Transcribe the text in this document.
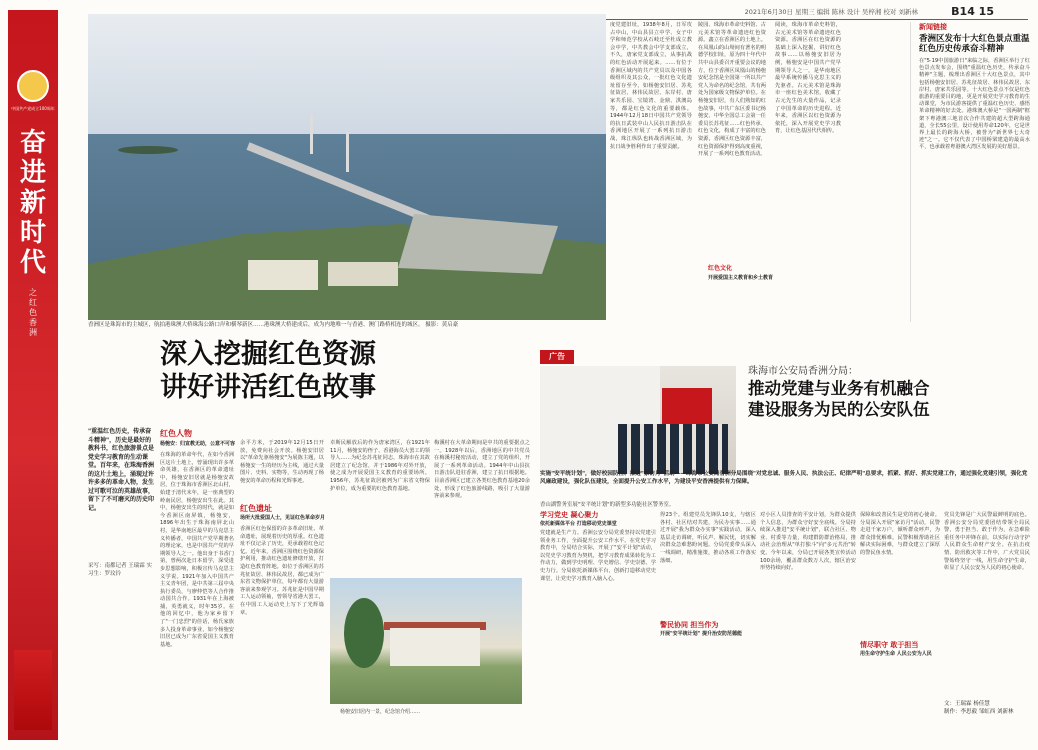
2021年6月30日 星期三 编辑 陈林 设计 吴梓湘 校对 刘新林	B14 15
中国共产党成立100周年
奋进新时代
之红色香洲
香洲区是珠海市的主城区，航拍港珠澳大桥珠海公路口岸和横琴新区……港珠澳大桥建成后，成为内地唯一与香港、澳门路桥相连的城区。 摄影：黄启豪
度党建旧址，1938年8月，日军攻占中山，中山县县立中学、女子中学和师范学校从石岐迁至杜成立教会中学，中共教会中学支部成立，不久，唐家党支部成立，从事抗战的红色活动开展起来。……有位于香洲区域内的共产党员以及中国各级组织及其公众，一批红色文化遗址留存至今，如杨匏安旧居、苏兆征故居、林伟民故居、东岸村、唐家共乐园、宝镜湾、金鼎、淇澳岛等，都是红色文化的重要载体。1944年12月18日中国共产党领导的抗日武装中山人民抗日游击队在香洲地区开展了一系列抗日游击战，珠江纵队也转战香洲区域，为抗日战争胜利作出了重要贡献。
陵园、珠海市革命史料馆、古元美术馆等革命遗迹红色资源。鑫立在香洲区的土地上。在凤凰山的山坳间有著名的明德学校旧址，原为四十年代中共中山县委召开重要会议的地方，位于香洲区凤凰山的杨匏安纪念馆是全国第一所以共产党人为命名的纪念馆，共有两处为国家级文物保护单位。在杨匏安旧居，有人们熟知的红色故事，中共广东区委书记杨匏安、中华全国总工会第一任委员长苏兆征……红色传承、红色文化，构成了丰富的红色资源，香洲区红色资源丰富，红色资源保护得到高度重视，开展了一系列红色教育活动。
阅读，珠海市革命史料馆，古元美术馆等革命遗迹红色资源。香洲区在红色资源的基础上深入挖掘，讲好红色故事……以杨匏安旧居为例，杨匏安是中国共产党早期领导人之一，是华南地区最早系统传播马克思主义的先驱者。古元美术馆是珠海市一座红色美术馆，收藏了古元先生的大量作品，记录了中国革命的历史进程。近年来，香洲区以红色资源为依托，深入开展党史学习教育，让红色基因代代相传。
红色文化
开展爱国主义教育和乡土教育
新闻链接
香洲区发布十大红色景点重温红色历史传承奋斗精神
在"5·19中国旅游日"来临之际，香洲区举行了红色景点发布会，围绕"重温红色历史，传承奋斗精神"主题，梳理出香洲区十大红色景点，其中包括杨匏安旧居、苏兆征故居、林伟民故居、东岸村、唐家共乐园等。十大红色景点不仅是红色旅游的重要目的地，更是开展党史学习教育的生动课堂，为市民游客提供了重温红色历史、感悟革命精神的好去处。港珠澳大桥是"一国两制"框架下粤港澳三地首次合作共建的超大型跨海通道，全长55公里，设计使用寿命120年，它是世界上最长的跨海大桥，被誉为"新世界七大奇迹"之一。它不仅代表了中国桥梁建造的最高水平，也承载着粤港澳大湾区发展的美好愿景。
深入挖掘红色资源
讲好讲活红色故事
"重温红色历史，传承奋斗精神"，历史是最好的教科书，红色旅游景点是党史学习教育的生动课堂。百年来，在珠海香洲的这片土地上，涌现过许许多多的革命人物，发生过可歌可泣的英雄故事，留下了不可磨灭的历史印记。
采写：南都记者 王瑞霖 实习生：罗玟钤
红色人物
杨匏安：归宣教无助，公意不可容
在珠海的革命年代，在如今香洲区这片土地上，曾涌现出许多革命英雄，在香洲区的革命遗址中，杨匏安旧居就是杨匏安故居，位于珠海市香洲区北山村，始建于清代末年，是一座典型的岭南民居，杨匏安出生在此。其中，杨匏安出生的时代，就是如今香洲区南屏镇，杨匏安，1896年出生于珠海南屏北山村，是华南地区最早的马克思主义传播者，中国共产党早期著名的理论家，也是中国共产党的早期领导人之一。他出身于书香门第，曾两次赴日本留学，深受进步思想影响，积极宣传马克思主义学说。1921年加入中国共产主义青年团，是中共第三届中央执行委员，与廖仲恺等人合作推动国共合作。1931年在上海被捕，英勇就义，时年35岁。在他的回忆中，他为家乡留下了"一门忠烈"的佳话，杨氏家族多人投身革命事业，如今杨匏安旧居已成为广东省爱国主义教育基地。
余平方米，于2019年12月15日开放，免费向社会开放。杨匏安旧居以"革命先驱杨匏安"为展陈主题，以杨匏安一生的经历为主线，通过大量图片、史料、实物等，生动再现了杨匏安的革命历程和光辉事迹。
红色遗址
场所大批爱国人士，见证红色革命岁月
香洲区红色保留的许多革命旧址、革命遗址，展现着历史的厚重。红色遗址不仅记录了历史，更承载着红色记忆。近年来，香洲区围绕红色资源保护利用，推动红色遗址修缮开放，打造红色教育阵地。如位于香洲区的苏兆征故居、林伟民故居，都已成为广东省文物保护单位，每年都有大量游客前来参观学习。苏兆征是中国早期工人运动领袖，曾领导省港大罢工，在中国工人运动史上写下了光辉篇章。
卓斯民解放后的作为唐家湾区，在1921年11月，杨匏安的侄子、香港海员大罢工的领导人……为纪念苏兆征同志，珠海市在其故居建立了纪念馆，并于1986年对外开放，使之成为开展爱国主义教育的重要场所。1956年，苏兆征故居被列为广东省文物保护单位，成为重要的红色教育基地。
梅溪村在大革命期间是中共的重要据点之一。1928年以后，香洲地区的中共党员在梅溪村秘密活动，建立了党的组织，开展了一系列革命活动。1944年中山县抗日游击队进驻香洲，建立了抗日根据地。目前香洲区已建立各类红色教育基地20余处，形成了红色旅游线路，吸引了大量游客前来参观。
杨匏安旧居内一景，纪念馆介绍……
广告
珠海市公安局香洲分局：
推动党建与业务有机融合
建设服务为民的公安队伍
实施"安平统计划"，做好校园防控、推进"家访月"活动——珠海市公安局香洲分局围绕"对党忠诚、服务人民、执法公正、纪律严明"总要求，抓紧、抓好、抓实党建工作，通过强化党建引领，强化党风廉政建设，强化队伍建设，全面提升公安工作水平，为建设平安香洲提供有力保障。
香山湖警务室展"安平统计划"的新型多功能社区警务室。
学习党史 凝心聚力
依托新媒体平台 打造移动党史课堂
党建就是生产力。香洲公安分局党委坚持以党建引领业务工作，全面提升公安工作水平。在党史学习教育中，分局结合实际，开展了"安平计划"活动，以党史学习教育为契机，把学习教育成果转化为工作动力，做到学史明理、学史增信、学史崇德、学史力行。分局依托新媒体平台，创新打造移动党史课堂，让党史学习教育入脑入心。
得23个。组建党员先锋队10支，与辖区各村、社区结对共建，为民办实事……通过开展"我为群众办实事"实践活动，深入基层走访调研，听民声、解民忧，切实解决群众急难愁盼问题。分局党委带头深入一线调研，精准施策，推动各项工作落实落细。
警民协同 担当作为
开展"安平统计划" 提升治安防范德能
对小区人员排查的平安计划，为群众提供个人信息，为群众守好安全底线。分局持续深入推进"安平统计划"，联合社区、物业、村委等力量，构建群防群治格局，推动社会治理从"单打独斗"向"多元共治"转变。今年以来，分局已开展各类宣传活动100余场，覆盖群众数万人次，辖区治安形势持续向好。
保障和改善民生是党的初心使命。分局深入开展"家访月"活动，民警走进千家万户，倾听群众呼声，为群众排忧解难。民警积极帮助社区解决实际困难，与群众建立了深厚的警民鱼水情。
情尽职守 敢于担当
用生命守护生命 人民公安为人民
党员先锋是广大民警最鲜明的底色。香洲公安分局党委团结带领全局民警，勇于担当、敢于作为，在急难险重任务中冲锋在前，以实际行动守护人民群众生命财产安全。在抗击疫情、防汛救灾等工作中，广大党员民警始终坚守一线，用生命守护生命，彰显了人民公安为人民的初心使命。
文：王瑞霖 杨佳慧
制作：李思毅 邹虹西 刘新林
